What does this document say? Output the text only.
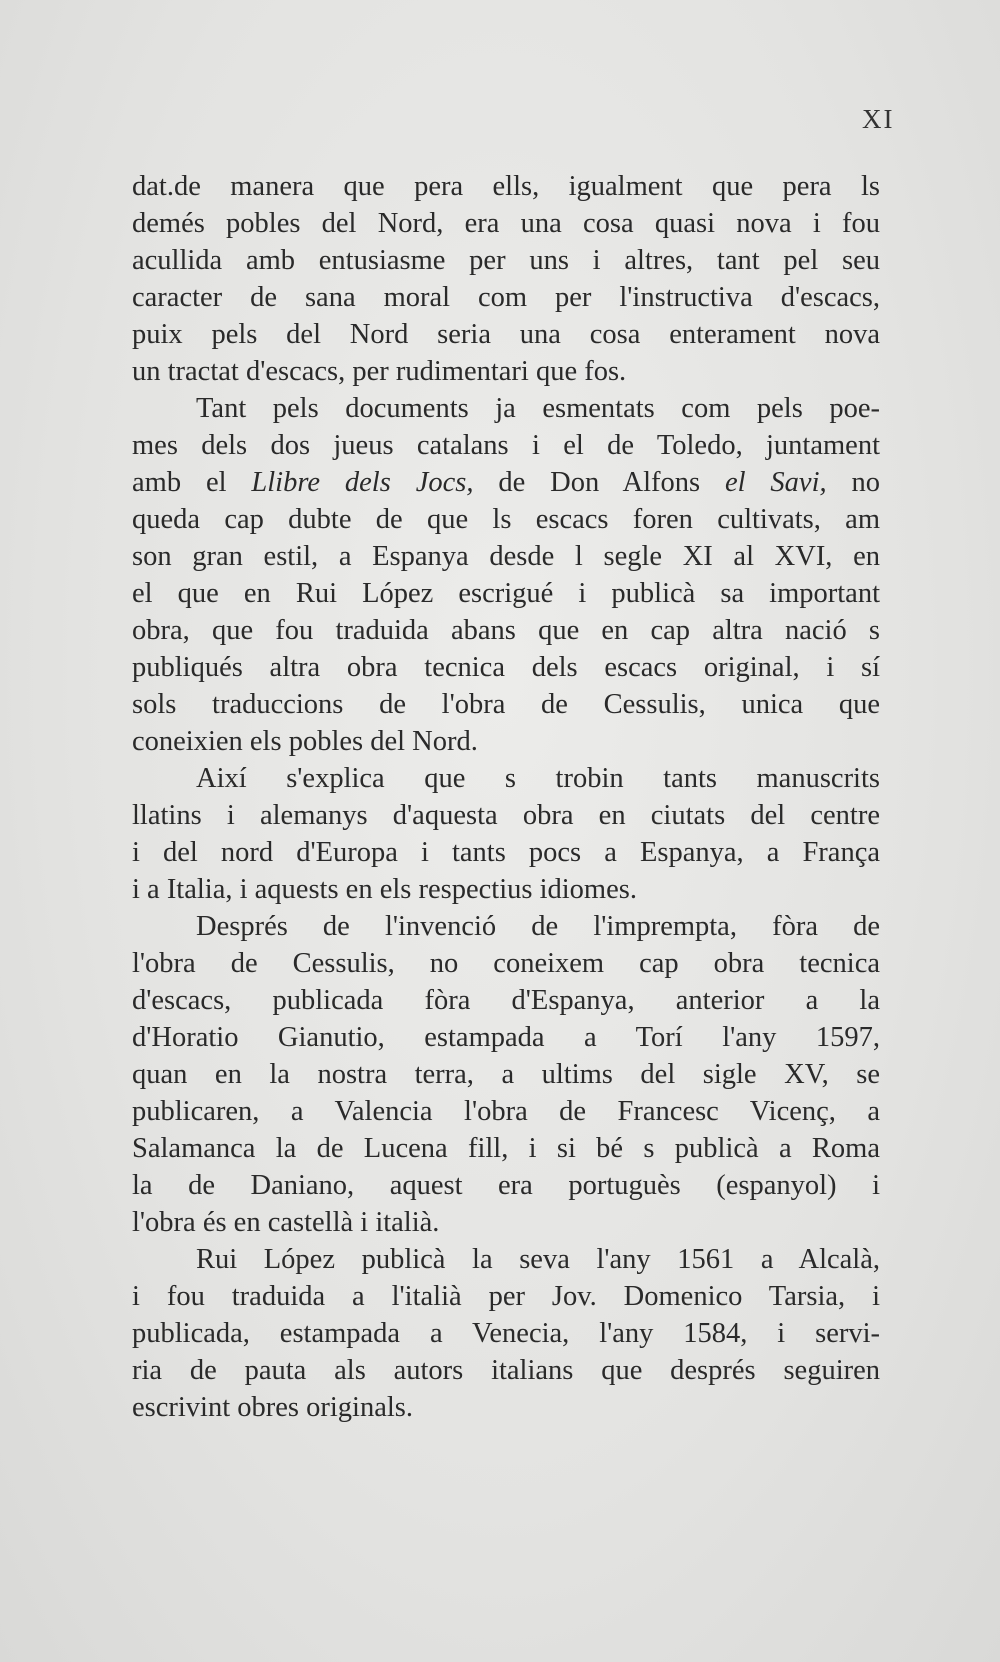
XI
dat.de manera que pera ells, igualment que pera ls
demés pobles del Nord, era una cosa quasi nova i fou
acullida amb entusiasme per uns i altres, tant pel seu
caracter de sana moral com per l'instructiva d'escacs,
puix pels del Nord seria una cosa enterament nova
un tractat d'escacs, per rudimentari que fos.
Tant pels documents ja esmentats com pels poe-
mes dels dos jueus catalans i el de Toledo, juntament
amb el Llibre dels Jocs, de Don Alfons el Savi, no
queda cap dubte de que ls escacs foren cultivats, am
son gran estil, a Espanya desde l segle XI al XVI, en
el que en Rui López escrigué i publicà sa important
obra, que fou traduida abans que en cap altra nació s
publiqués altra obra tecnica dels escacs original, i sí
sols traduccions de l'obra de Cessulis, unica que
coneixien els pobles del Nord.
Així s'explica que s trobin tants manuscrits
llatins i alemanys d'aquesta obra en ciutats del centre
i del nord d'Europa i tants pocs a Espanya, a França
i a Italia, i aquests en els respectius idiomes.
Després de l'invenció de l'imprempta, fòra de
l'obra de Cessulis, no coneixem cap obra tecnica
d'escacs, publicada fòra d'Espanya, anterior a la
d'Horatio Gianutio, estampada a Torí l'any 1597,
quan en la nostra terra, a ultims del sigle XV, se
publicaren, a Valencia l'obra de Francesc Vicenç, a
Salamanca la de Lucena fill, i si bé s publicà a Roma
la de Daniano, aquest era portuguès (espanyol) i
l'obra és en castellà i italià.
Rui López publicà la seva l'any 1561 a Alcalà,
i fou traduida a l'italià per Jov. Domenico Tarsia, i
publicada, estampada a Venecia, l'any 1584, i servi-
ria de pauta als autors italians que després seguiren
escrivint obres originals.
